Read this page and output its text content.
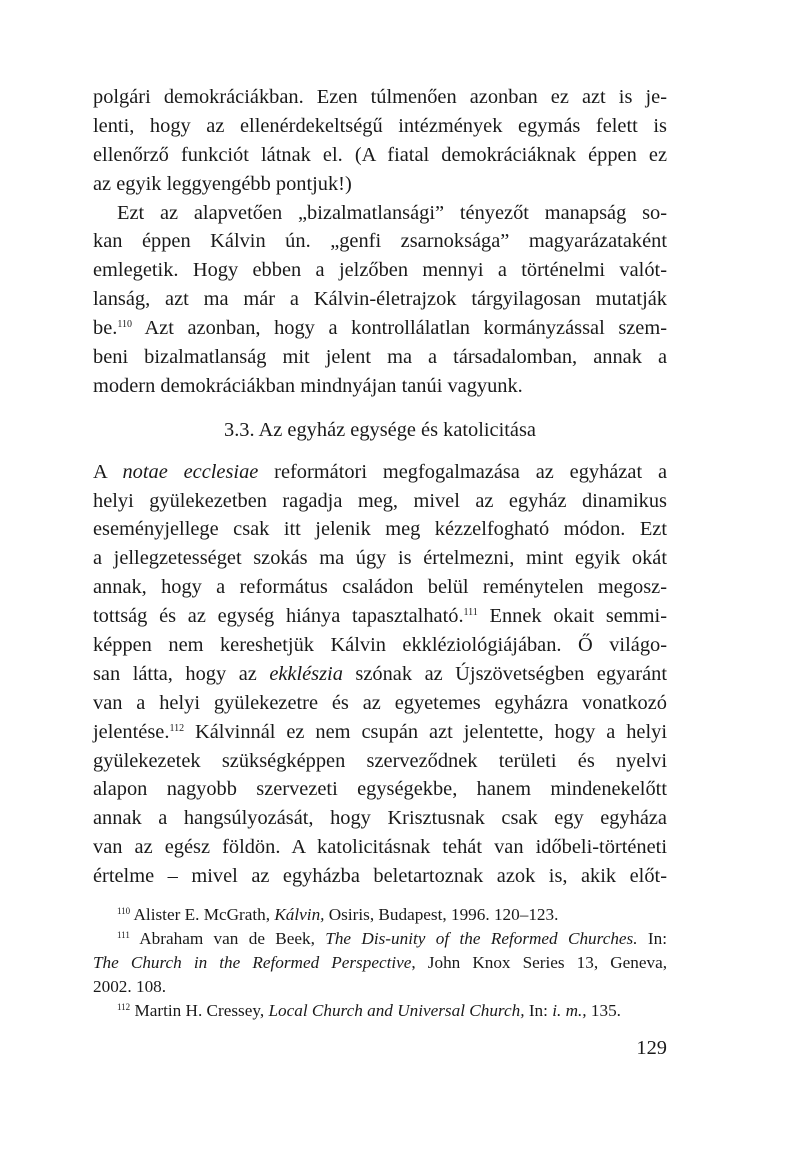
polgári demokráciákban. Ezen túlmenően azonban ez azt is je-
lenti, hogy az ellenérdekeltségű intézmények egymás felett is
ellenőrző funkciót látnak el. (A fiatal demokráciáknak éppen ez
az egyik leggyengébb pontjuk!)
Ezt az alapvetően „bizalmatlansági” tényezőt manapság so-
kan éppen Kálvin ún. „genfi zsarnoksága” magyarázataként
emlegetik. Hogy ebben a jelzőben mennyi a történelmi valót-
lanság, azt ma már a Kálvin-életrajzok tárgyilagosan mutatják
be.$^{110}$ Azt azonban, hogy a kontrollálatlan kormányzással szem-
beni bizalmatlanság mit jelent ma a társadalomban, annak a
modern demokráciákban mindnyájan tanúi vagyunk.
3.3. Az egyház egysége és katolicitása
A notae ecclesiae reformátori megfogalmazása az egyházat a
helyi gyülekezetben ragadja meg, mivel az egyház dinamikus
eseményjellege csak itt jelenik meg kézzelfogható módon. Ezt
a jellegzetességet szokás ma úgy is értelmezni, mint egyik okát
annak, hogy a református családon belül reménytelen megosz-
tottság és az egység hiánya tapasztalható.$^{111}$ Ennek okait semmi-
képpen nem kereshetjük Kálvin ekkléziológiájában. Ő világo-
san látta, hogy az ekklészia szónak az Újszövetségben egyaránt
van a helyi gyülekezetre és az egyetemes egyházra vonatkozó
jelentése.$^{112}$ Kálvinnál ez nem csupán azt jelentette, hogy a helyi
gyülekezetek szükségképpen szerveződnek területi és nyelvi
alapon nagyobb szervezeti egységekbe, hanem mindenekelőtt
annak a hangsúlyozását, hogy Krisztusnak csak egy egyháza
van az egész földön. A katolicitásnak tehát van időbeli-történeti
értelme – mivel az egyházba beletartoznak azok is, akik előt-
$^{110}$ Alister E. McGrath, Kálvin, Osiris, Budapest, 1996. 120–123.
$^{111}$ Abraham van de Beek, The Dis-unity of the Reformed Churches. In:
The Church in the Reformed Perspective, John Knox Series 13, Geneva,
2002. 108.
$^{112}$ Martin H. Cressey, Local Church and Universal Church, In: i. m., 135.
129
